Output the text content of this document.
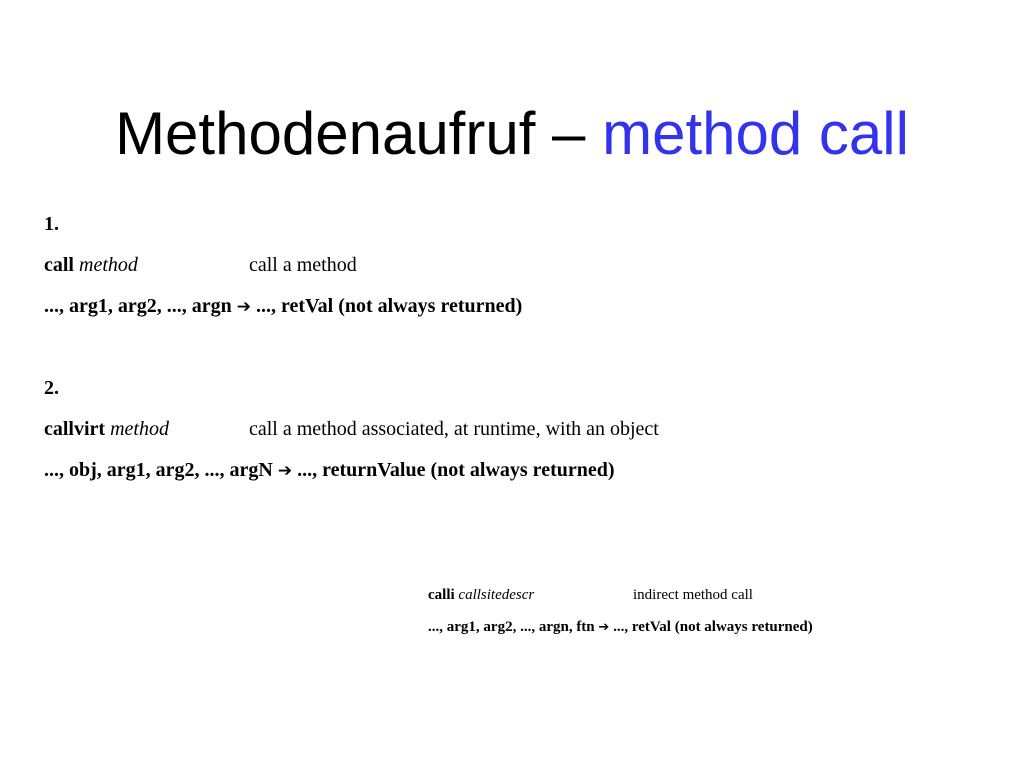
Methodenaufruf – method call
1.
call method	call a method
..., arg1, arg2, ..., argn ➔ ..., retVal (not always returned)
2.
callvirt method	call a method associated, at runtime, with an object
..., obj, arg1, arg2, ..., argN ➔ ..., returnValue (not always returned)
calli callsitedescr	indirect method call
..., arg1, arg2, ..., argn, ftn ➔ ..., retVal (not always returned)
